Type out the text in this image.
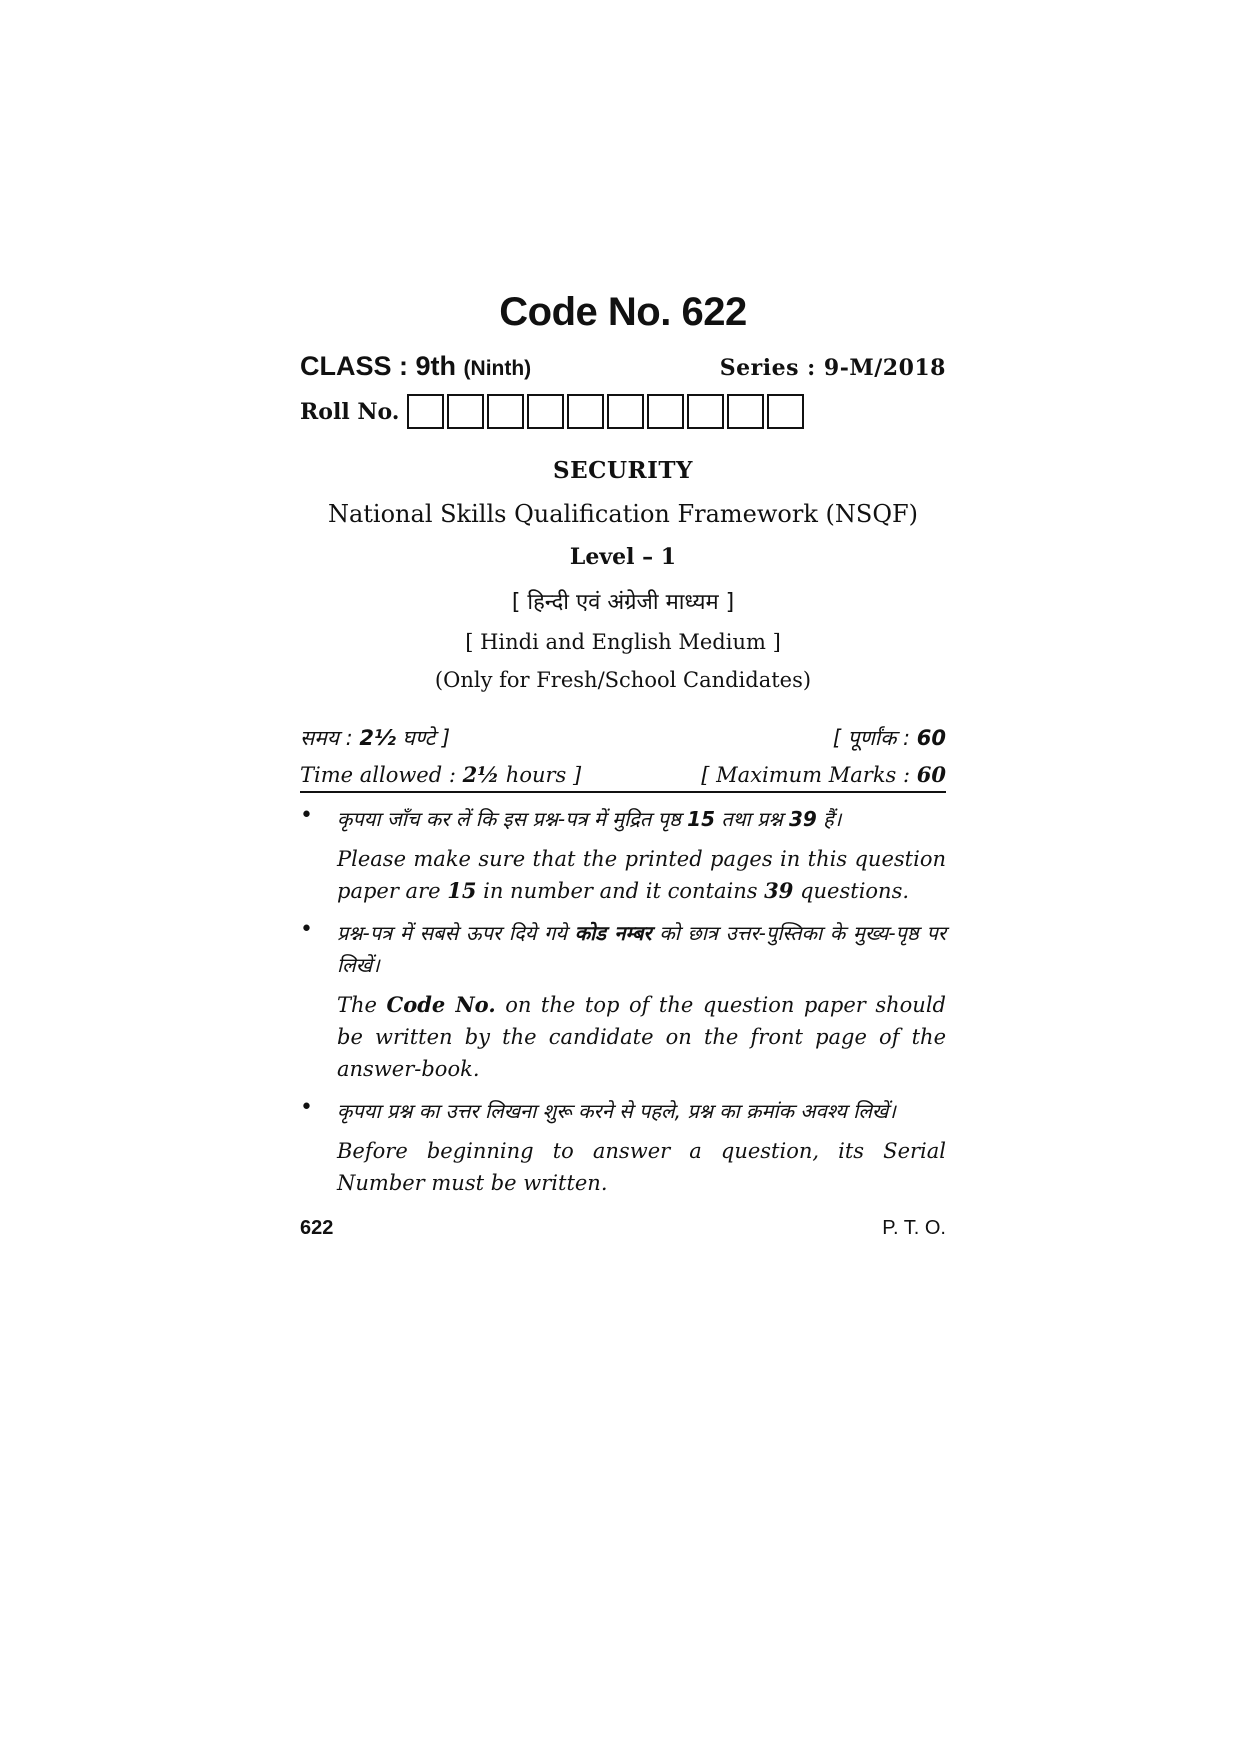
Code No. 622
CLASS : 9th (Ninth)	Series : 9-M/2018
Roll No.
SECURITY
National Skills Qualification Framework (NSQF)
Level – 1
[ हिन्दी एवं अंग्रेजी माध्यम ]
[ Hindi and English Medium ]
(Only for Fresh/School Candidates)
समय : 2½ घण्टे ]	[ पूर्णांक : 60
Time allowed : 2½ hours ]	[ Maximum Marks : 60
• कृपया जाँच कर लें कि इस प्रश्न-पत्र में मुद्रित पृष्ठ 15 तथा प्रश्न 39 हैं।
Please make sure that the printed pages in this question paper are 15 in number and it contains 39 questions.
• प्रश्न-पत्र में सबसे ऊपर दिये गये कोड नम्बर को छात्र उत्तर-पुस्तिका के मुख्य-पृष्ठ पर लिखें।
The Code No. on the top of the question paper should be written by the candidate on the front page of the answer-book.
• कृपया प्रश्न का उत्तर लिखना शुरू करने से पहले, प्रश्न का क्रमांक अवश्य लिखें।
Before beginning to answer a question, its Serial Number must be written.
622	P. T. O.
